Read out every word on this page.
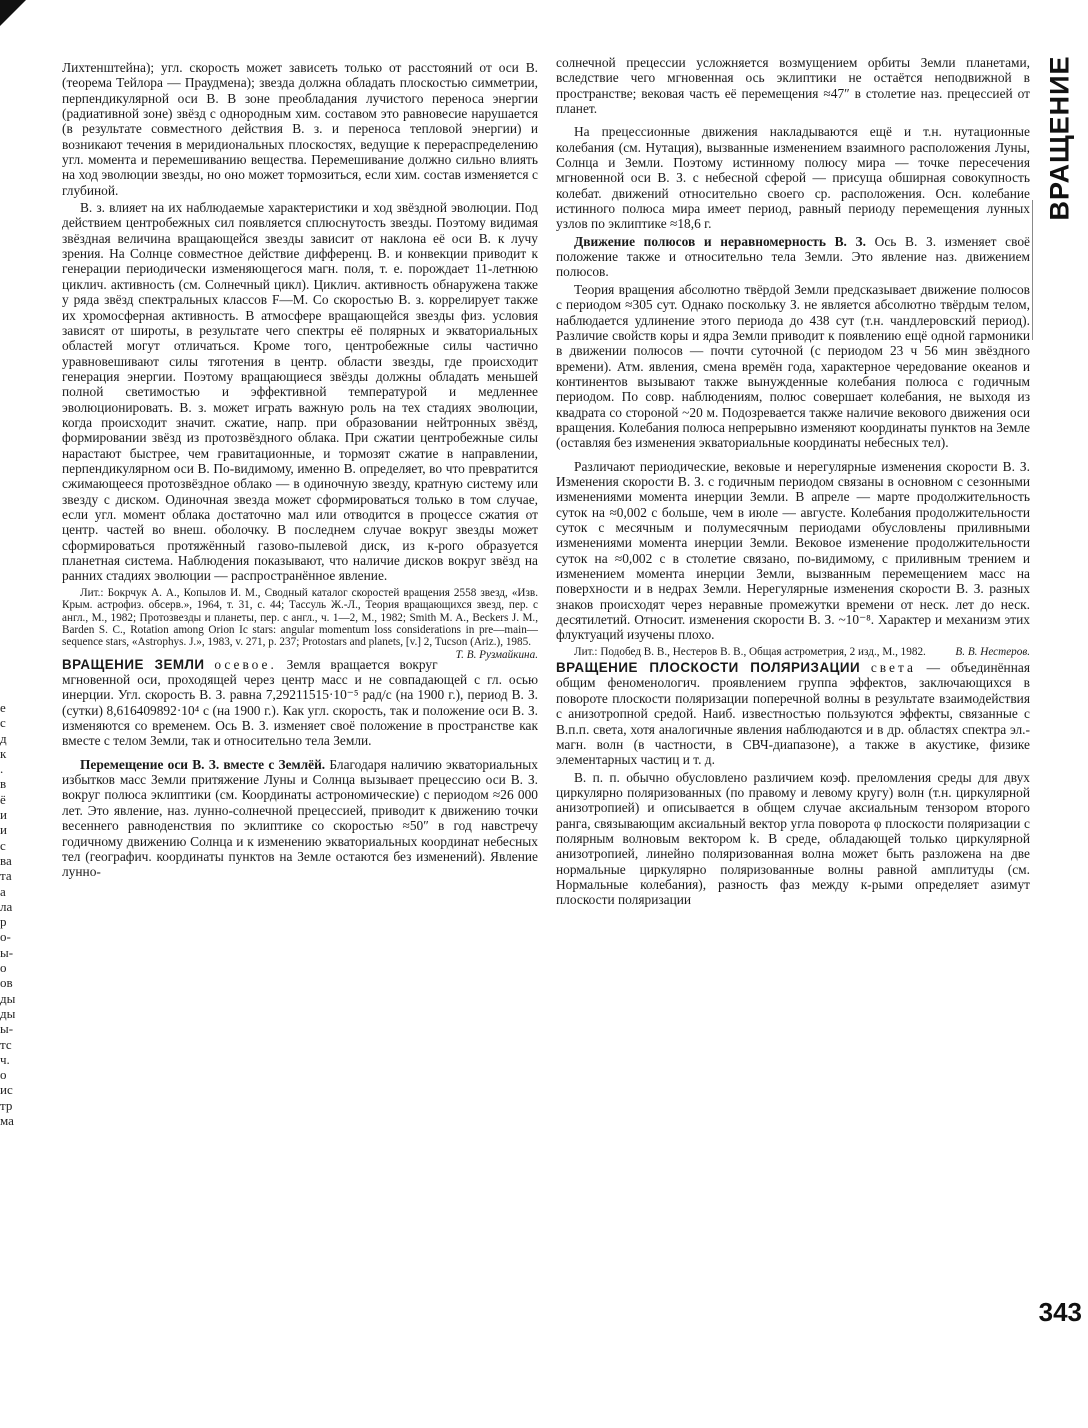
е
с
д
к
.
в
ё
и
и
с
ва
та
а
ла
р
о-
ы-
о
ов
ды
ды
ы-
тс
ч.
о
ис
тр
ма

Лихтенштейна); угл. скорость может зависеть только от расстояний от оси В. (теорема Тейлора — Праудмена); звезда должна обладать плоскостью симметрии, перпендикулярной оси В. В зоне преобладания лучистого переноса энергии (радиативной зоне) звёзд с однородным хим. составом это равновесие нарушается (в результате совместного действия В. з. и переноса тепловой энергии) и возникают течения в меридиональных плоскостях, ведущие к перераспределению угл. момента и перемешиванию вещества. Перемешивание должно сильно влиять на ход эволюции звезды, но оно может тормозиться, если хим. состав изменяется с глубиной.

В. з. влияет на их наблюдаемые характеристики и ход звёздной эволюции. Под действием центробежных сил появляется сплюснутость звезды. Поэтому видимая звёздная величина вращающейся звезды зависит от наклона её оси В. к лучу зрения. На Солнце совместное действие дифференц. В. и конвекции приводит к генерации периодически изменяющегося магн. поля, т. е. порождает 11-летнюю циклич. активность (см. Солнечный цикл). Циклич. активность обнаружена также у ряда звёзд спектральных классов F—M. Со скоростью В. з. коррелирует также их хромосферная активность. В атмосфере вращающейся звезды физ. условия зависят от широты, в результате чего спектры её полярных и экваториальных областей могут отличаться. Кроме того, центробежные силы частично уравновешивают силы тяготения в центр. области звезды, где происходит генерация энергии. Поэтому вращающиеся звёзды должны обладать меньшей полной светимостью и эффективной температурой и медленнее эволюционировать. В. з. может играть важную роль на тех стадиях эволюции, когда происходит значит. сжатие, напр. при образовании нейтронных звёзд, формировании звёзд из протозвёздного облака. При сжатии центробежные силы нарастают быстрее, чем гравитационные, и тормозят сжатие в направлении, перпендикулярном оси В. По-видимому, именно В. определяет, во что превратится сжимающееся протозвёздное облако — в одиночную звезду, кратную систему или звезду с диском. Одиночная звезда может сформироваться только в том случае, если угл. момент облака достаточно мал или отводится в процессе сжатия от центр. частей во внеш. оболочку. В последнем случае вокруг звезды может сформироваться протяжённый газово-пылевой диск, из к-рого образуется планетная система. Наблюдения показывают, что наличие дисков вокруг звёзд на ранних стадиях эволюции — распространённое явление.

Лит.: Бокрчук А. А., Копылов И. М., Сводный каталог скоростей вращения 2558 звезд, «Изв. Крым. астрофиз. обсерв.», 1964, т. 31, с. 44; Тассуль Ж.-Л., Теория вращающихся звезд, пер. с англ., М., 1982; Протозвезды и планеты, пер. с англ., ч. 1—2, М., 1982; Smith M. A., Beckers J. M., Barden S. C., Rotation among Orion Ic stars: angular momentum loss considerations in pre—main—sequence stars, «Astrophys. J.», 1983, v. 271, p. 237; Protostars and planets, [v.] 2, Tucson (Ariz.), 1985.
Т. В. Рузмайкина.

ВРАЩЕНИЕ ЗЕМЛИ осевое. Земля вращается вокруг мгновенной оси, проходящей через центр масс и не совпадающей с гл. осью инерции. Угл. скорость В. З. равна 7,29211515·10⁻⁵ рад/с (на 1900 г.), период В. З. (сутки) 8,616409892·10⁴ с (на 1900 г.). Как угл. скорость, так и положение оси В. З. изменяются со временем. Ось В. З. изменяет своё положение в пространстве как вместе с телом Земли, так и относительно тела Земли.

Перемещение оси В. З. вместе с Землёй. Благодаря наличию экваториальных избытков масс Земли притяжение Луны и Солнца вызывает прецессию оси В. З. вокруг полюса эклиптики (см. Координаты астрономические) с периодом ≈26 000 лет. Это явление, наз. лунно-солнечной прецессией, приводит к движению точки весеннего равноденствия по эклиптике со скоростью ≈50″ в год навстречу годичному движению Солнца и к изменению экваториальных координат небесных тел (географич. координаты пунктов на Земле остаются без изменений). Явление лунно-

солнечной прецессии усложняется возмущением орбиты Земли планетами, вследствие чего мгновенная ось эклиптики не остаётся неподвижной в пространстве; вековая часть её перемещения ≈47″ в столетие наз. прецессией от планет.

На прецессионные движения накладываются ещё и т.н. нутационные колебания (см. Нутация), вызванные изменением взаимного расположения Луны, Солнца и Земли. Поэтому истинному полюсу мира — точке пересечения мгновенной оси В. З. с небесной сферой — присуща обширная совокупность колебат. движений относительно своего ср. расположения. Осн. колебание истинного полюса мира имеет период, равный периоду перемещения лунных узлов по эклиптике ≈18,6 г.

Движение полюсов и неравномерность В. З. Ось В. З. изменяет своё положение также и относительно тела Земли. Это явление наз. движением полюсов.

Теория вращения абсолютно твёрдой Земли предсказывает движение полюсов с периодом ≈305 сут. Однако поскольку З. не является абсолютно твёрдым телом, наблюдается удлинение этого периода до 438 сут (т.н. чандлеровский период). Различие свойств коры и ядра Земли приводит к появлению ещё одной гармоники в движении полюсов — почти суточной (с периодом 23 ч 56 мин звёздного времени). Атм. явления, смена времён года, характерное чередование океанов и континентов вызывают также вынужденные колебания полюса с годичным периодом. По совр. наблюдениям, полюс совершает колебания, не выходя из квадрата со стороной ~20 м. Подозревается также наличие векового движения оси вращения. Колебания полюса непрерывно изменяют координаты пунктов на Земле (оставляя без изменения экваториальные координаты небесных тел).

Различают периодические, вековые и нерегулярные изменения скорости В. З. Изменения скорости В. З. с годичным периодом связаны в основном с сезонными изменениями момента инерции Земли. В апреле — марте продолжительность суток на ≈0,002 с больше, чем в июле — августе. Колебания продолжительности суток с месячным и полумесячным периодами обусловлены приливными изменениями момента инерции Земли. Вековое изменение продолжительности суток на ≈0,002 с в столетие связано, по-видимому, с приливным трением и изменением момента инерции Земли, вызванным перемещением масс на поверхности и в недрах Земли. Нерегулярные изменения скорости В. З. разных знаков происходят через неравные промежутки времени от неск. лет до неск. десятилетий. Относит. изменения скорости В. З. ~10⁻⁸. Характер и механизм этих флуктуаций изучены плохо.

Лит.: Подобед В. В., Нестеров В. В., Общая астрометрия, 2 изд., М., 1982.	В. В. Нестеров.

ВРАЩЕНИЕ ПЛОСКОСТИ ПОЛЯРИЗАЦИИ света — объединённая общим феноменологич. проявлением группа эффектов, заключающихся в повороте плоскости поляризации поперечной волны в результате взаимодействия с анизотропной средой. Наиб. известностью пользуются эффекты, связанные с В.п.п. света, хотя аналогичные явления наблюдаются и в др. областях спектра эл.-магн. волн (в частности, в СВЧ-диапазоне), а также в акустике, физике элементарных частиц и т. д.

В. п. п. обычно обусловлено различием коэф. преломления среды для двух циркулярно поляризованных (по правому и левому кругу) волн (т.н. циркулярной анизотропией) и описывается в общем случае аксиальным тензором второго ранга, связывающим аксиальный вектор угла поворота φ плоскости поляризации с полярным волновым вектором k. В среде, обладающей только циркулярной анизотропией, линейно поляризованная волна может быть разложена на две нормальные циркулярно поляризованные волны равной амплитуды (см. Нормальные колебания), разность фаз между к-рыми определяет азимут плоскости поляризации

ВРАЩЕНИЕ
343
